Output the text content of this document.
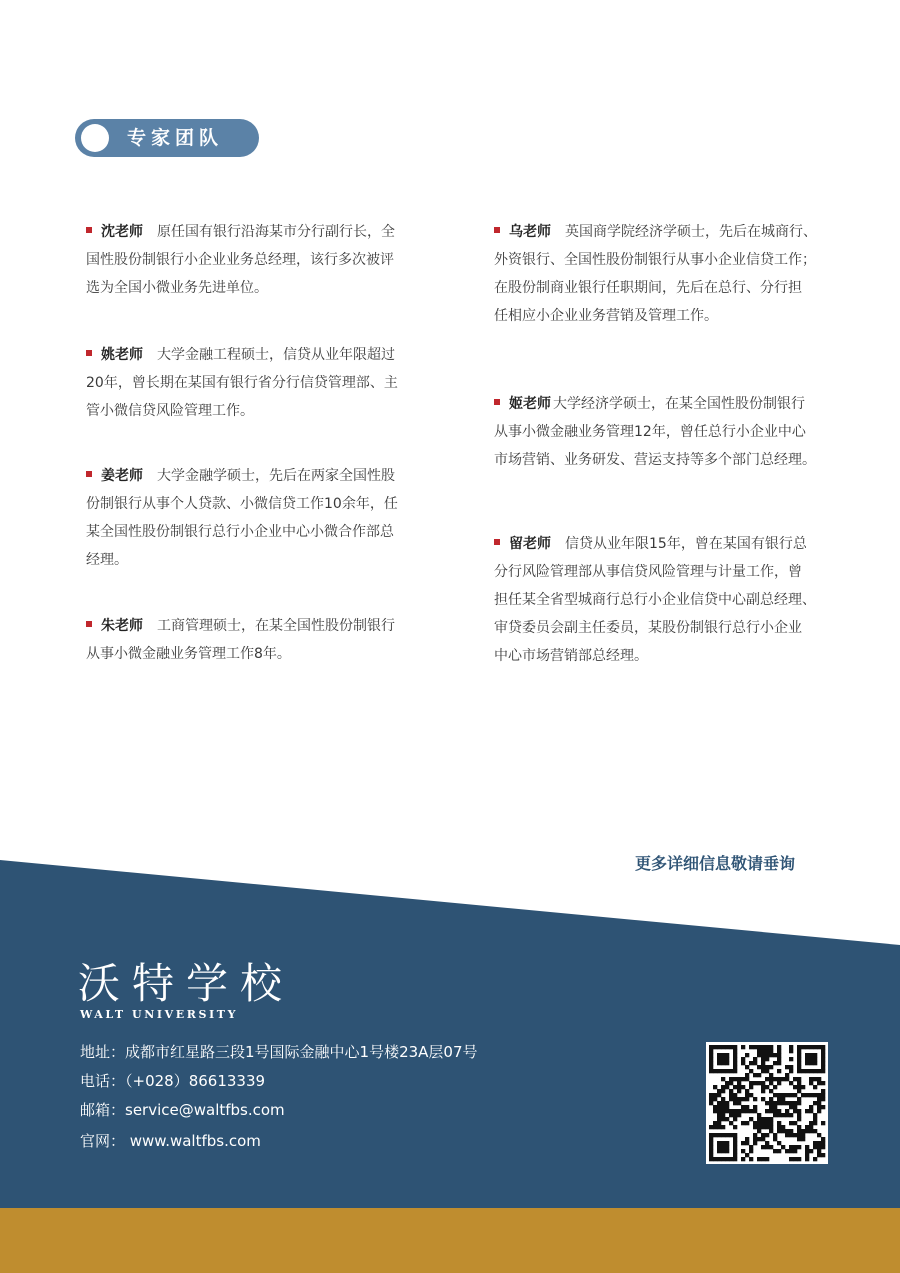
专家团队
沈老师 原任国有银行沿海某市分行副行长，全
国性股份制银行小企业业务总经理，该行多次被评
选为全国小微业务先进单位。
姚老师 大学金融工程硕士，信贷从业年限超过
20年，曾长期在某国有银行省分行信贷管理部、主
管小微信贷风险管理工作。
姜老师 大学金融学硕士，先后在两家全国性股
份制银行从事个人贷款、小微信贷工作10余年，任
某全国性股份制银行总行小企业中心小微合作部总
经理。
朱老师 工商管理硕士，在某全国性股份制银行
从事小微金融业务管理工作8年。
乌老师 英国商学院经济学硕士，先后在城商行、
外资银行、全国性股份制银行从事小企业信贷工作；
在股份制商业银行任职期间，先后在总行、分行担
任相应小企业业务营销及管理工作。
姬老师 大学经济学硕士，在某全国性股份制银行
从事小微金融业务管理12年，曾任总行小企业中心
市场营销、业务研发、营运支持等多个部门总经理。
留老师 信贷从业年限15年，曾在某国有银行总
分行风险管理部从事信贷风险管理与计量工作，曾
担任某全省型城商行总行小企业信贷中心副总经理、
审贷委员会副主任委员，某股份制银行总行小企业
中心市场营销部总经理。
更多详细信息敬请垂询
沃特学校
WALT UNIVERSITY
地址：成都市红星路三段1号国际金融中心1号楼23A层07号
电话：（+028）86613339
邮箱：service@waltfbs.com
官网： www.waltfbs.com
